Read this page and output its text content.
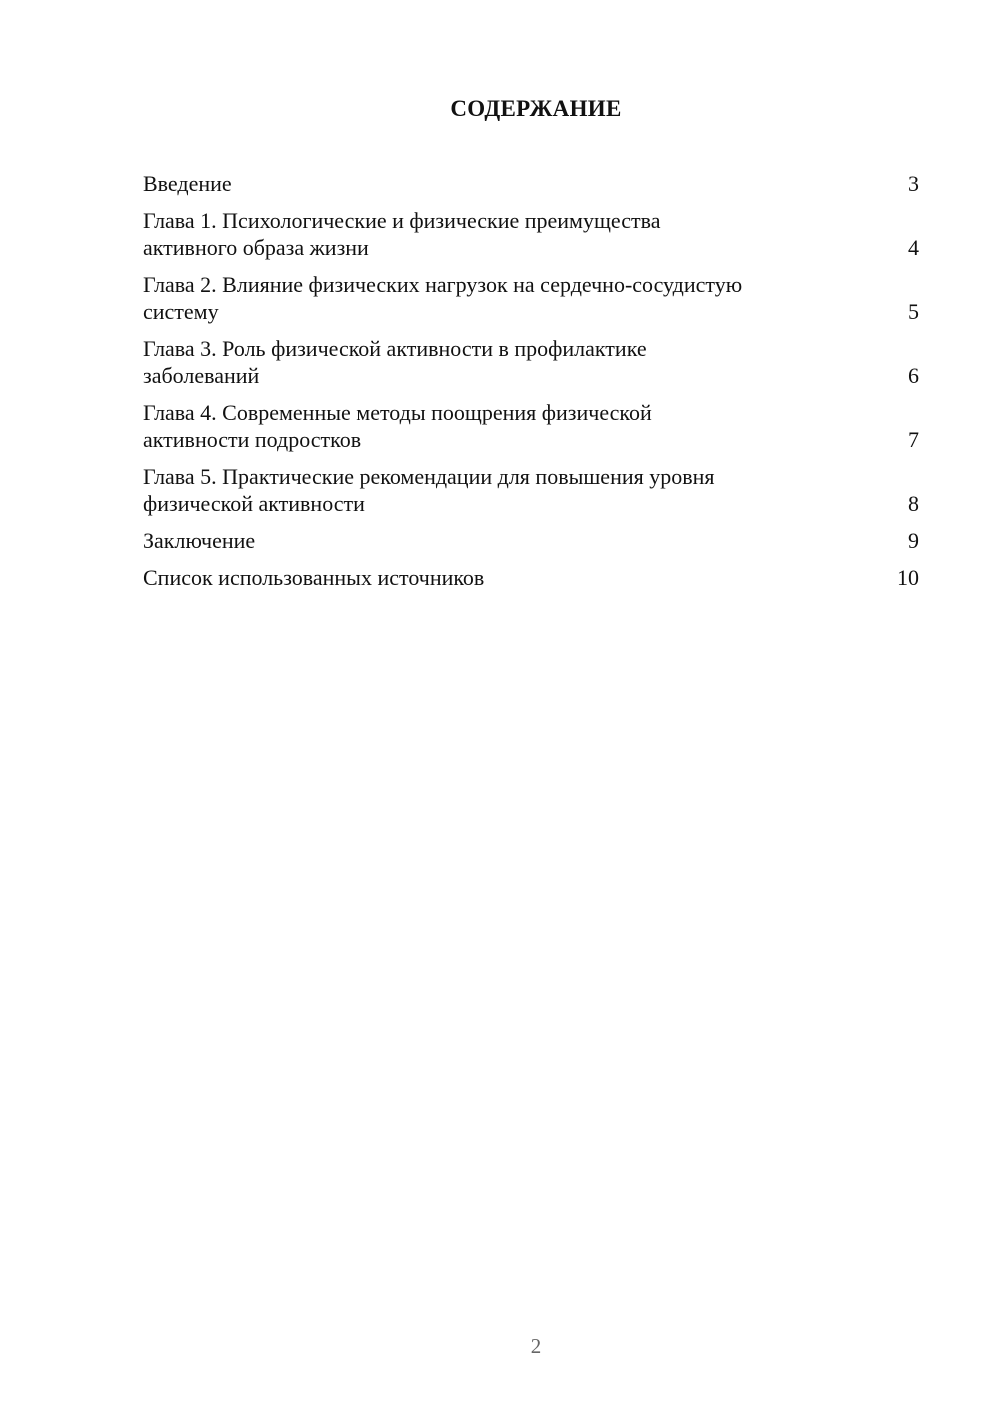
СОДЕРЖАНИЕ
Введение	3
Глава 1. Психологические и физические преимущества
активного образа жизни	4
Глава 2. Влияние физических нагрузок на сердечно-сосудистую
систему	5
Глава 3. Роль физической активности в профилактике
заболеваний	6
Глава 4. Современные методы поощрения физической
активности подростков	7
Глава 5. Практические рекомендации для повышения уровня
физической активности	8
Заключение	9
Список использованных источников	10
2
